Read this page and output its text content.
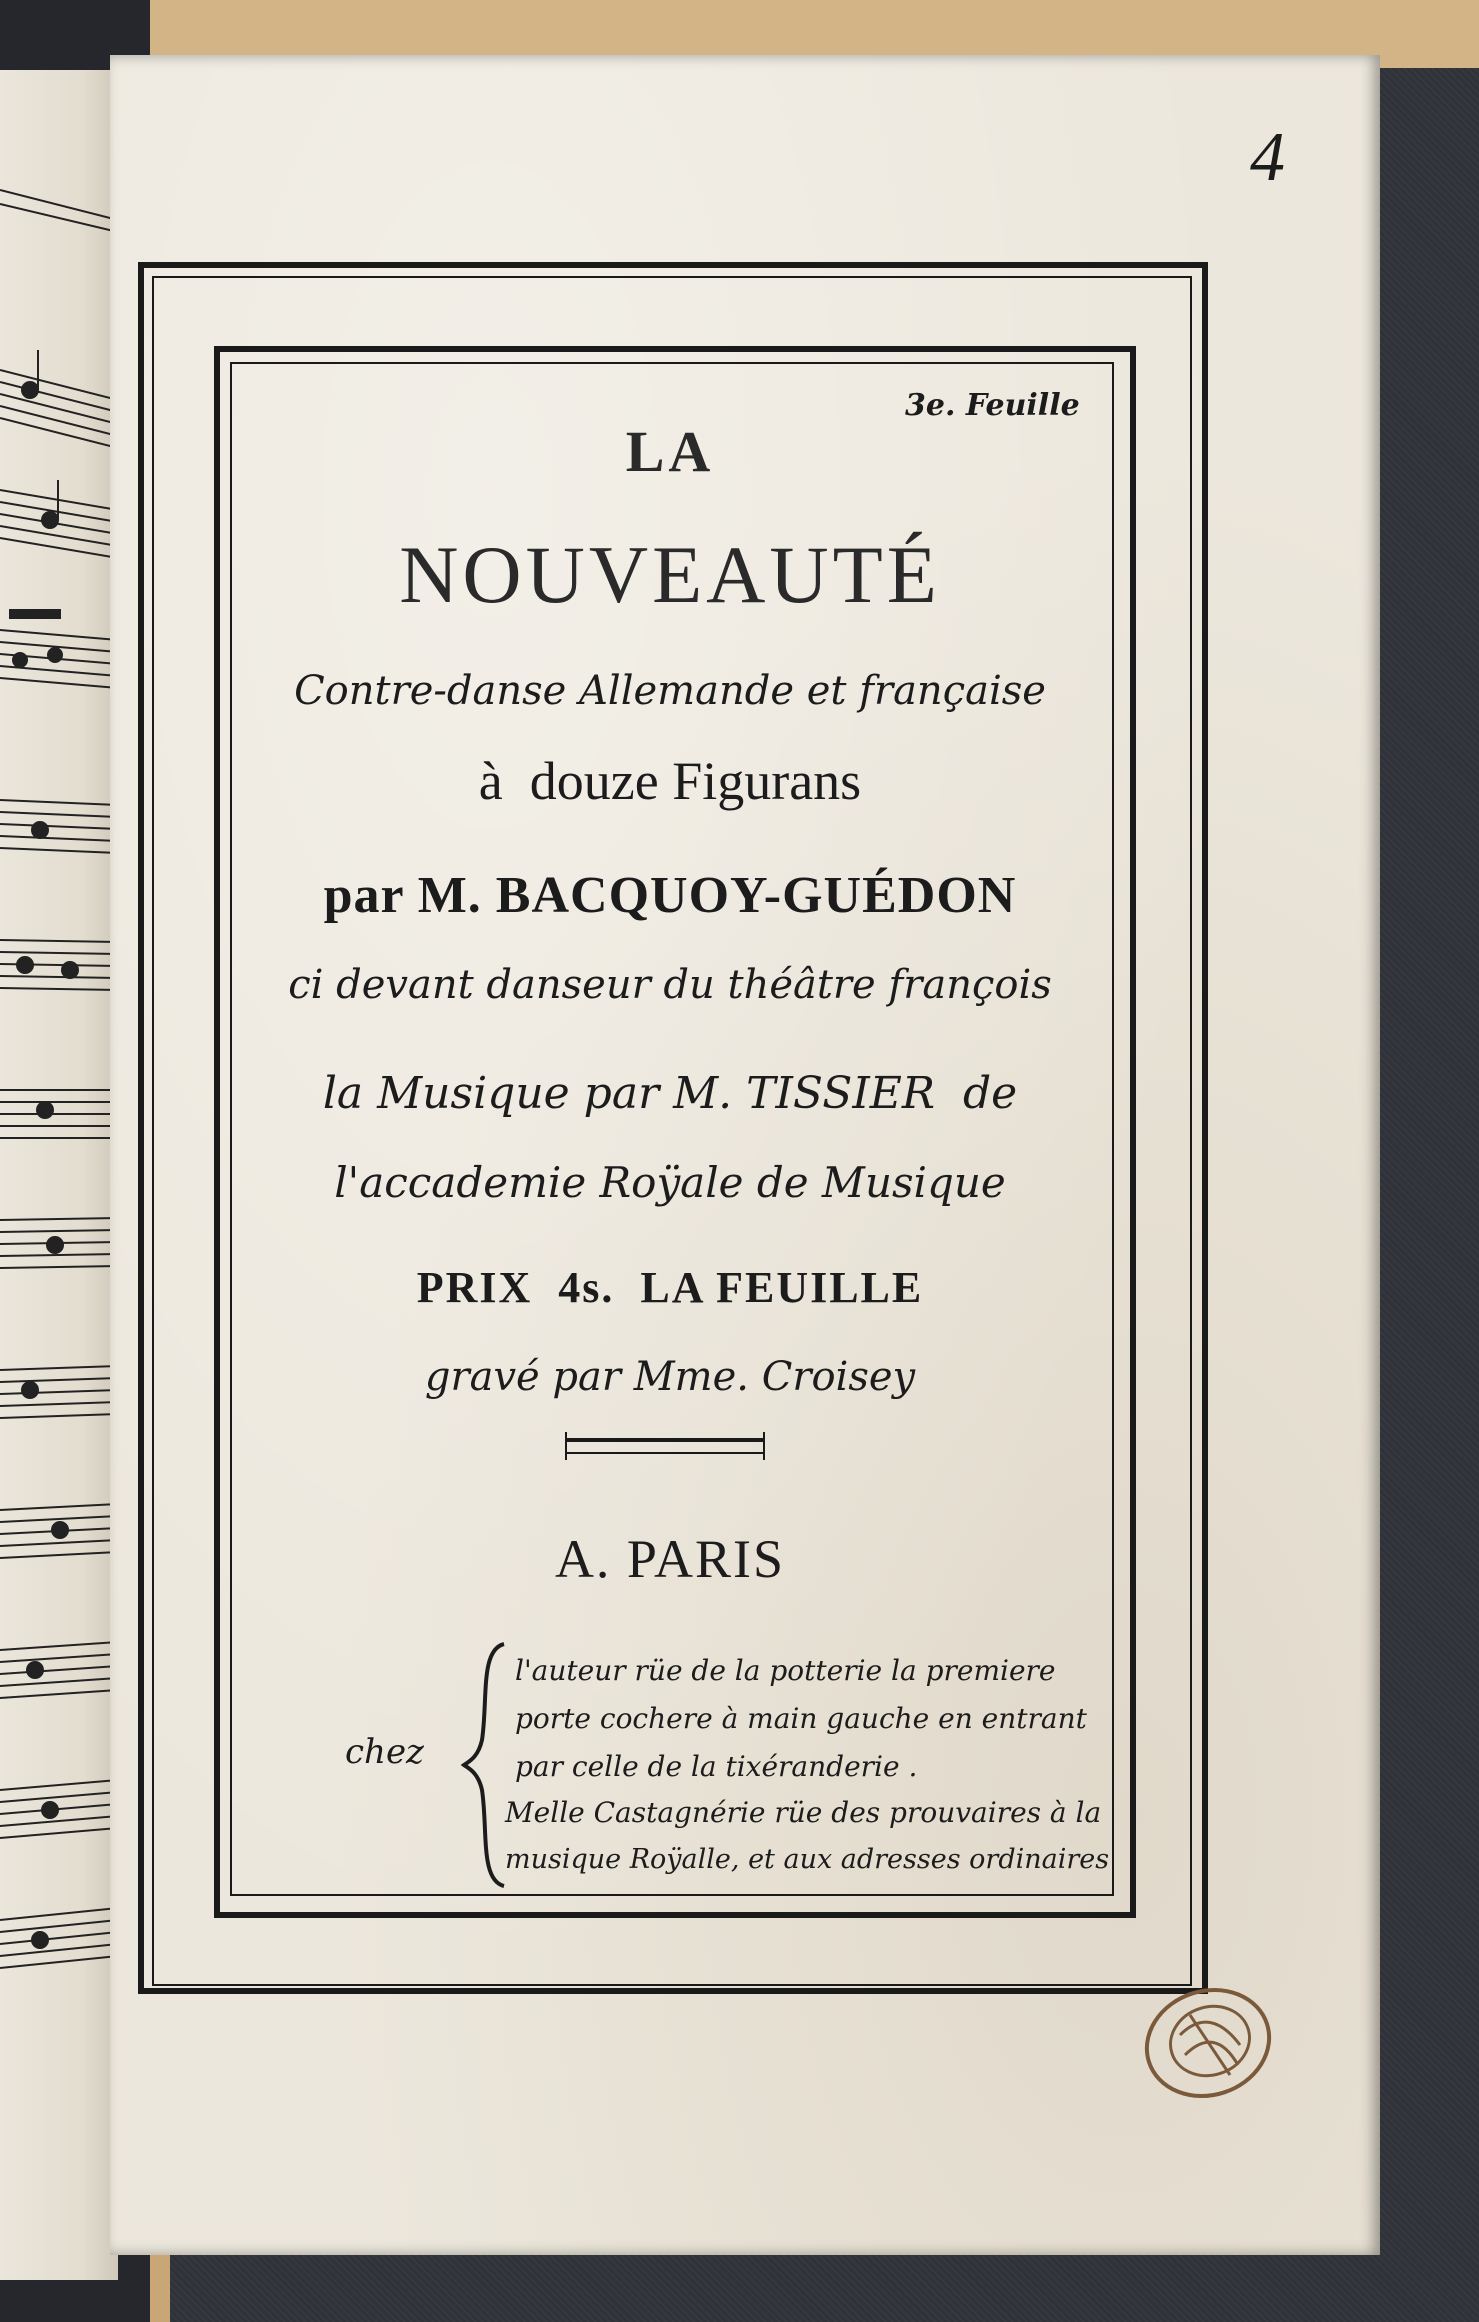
4
3e. Feuille
LA
NOUVEAUTÉ
Contre-danse Allemande et française
à  douze Figurans
par M. BACQUOY-GUÉDON
ci devant danseur du théâtre françois
la Musique par M. TISSIER  de
l'accademie Roÿale de Musique
PRIX  4s.  LA FEUILLE
gravé par Mme. Croisey
A. PARIS
chez
l'auteur rüe de la potterie la premiere
porte cochere à main gauche en entrant
par celle de la tixéranderie .
Melle Castagnérie rüe des prouvaires à la
musique Roÿalle, et aux adresses ordinaires
